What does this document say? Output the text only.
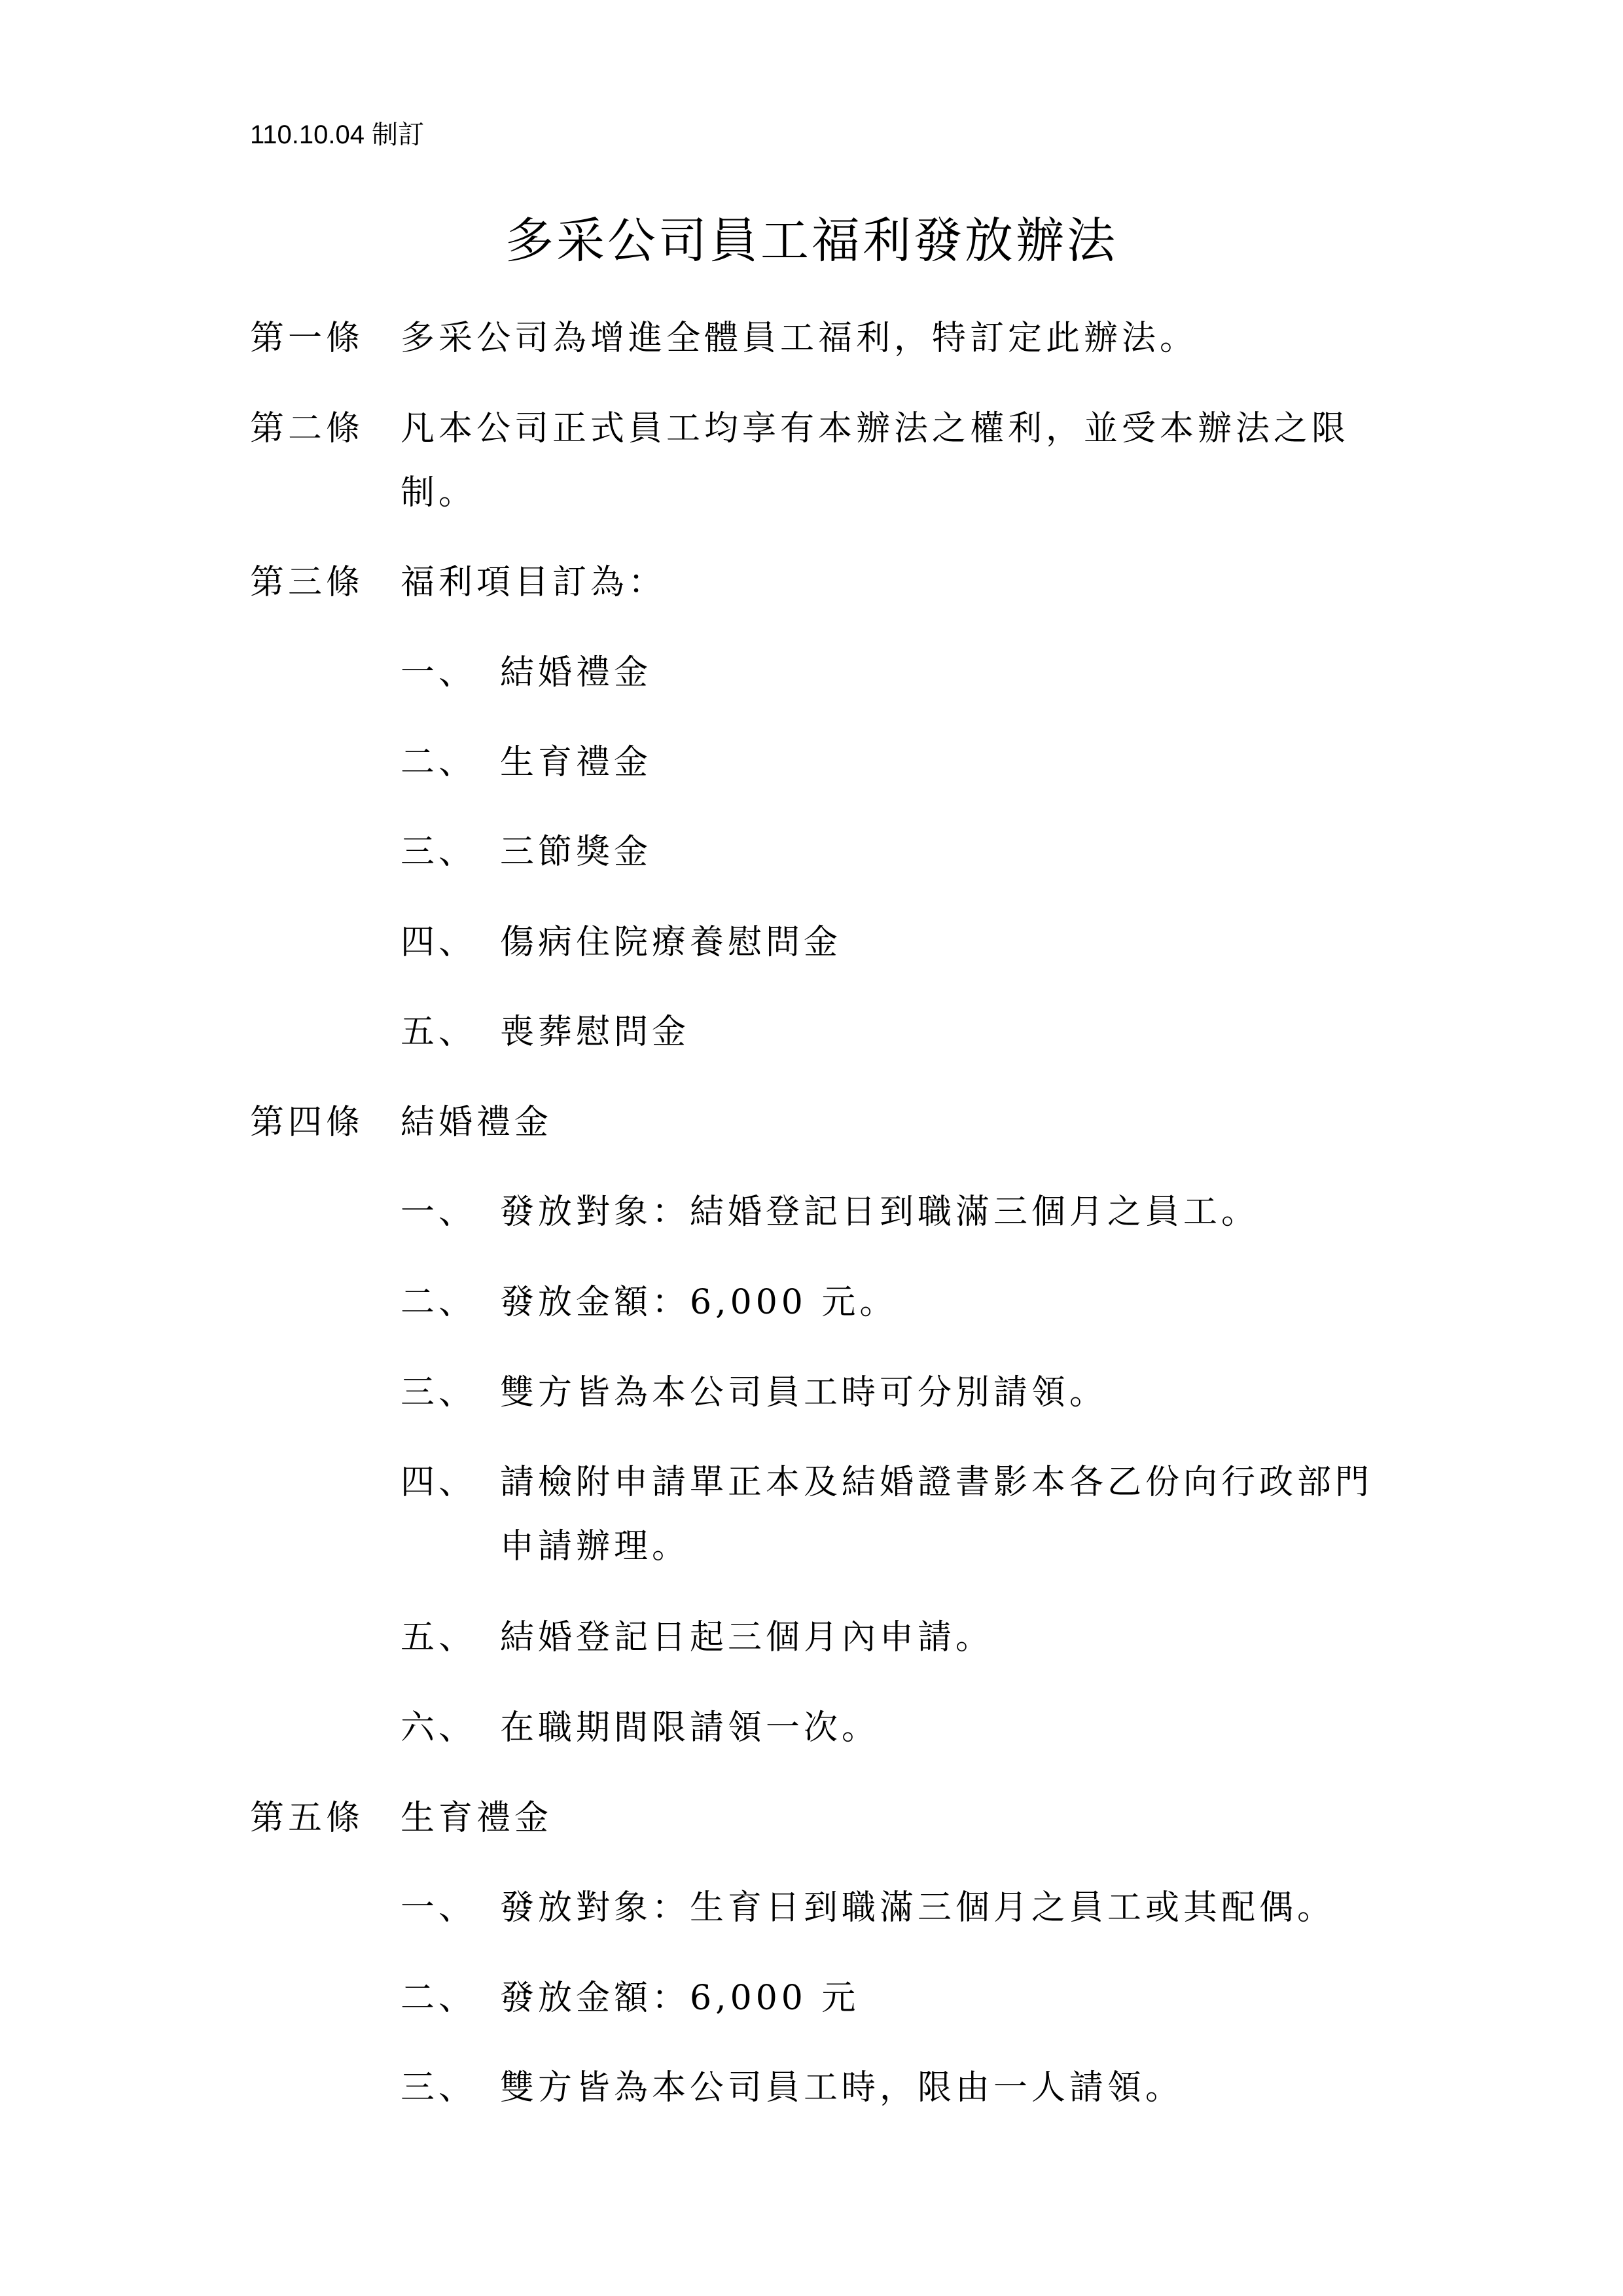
110.10.04 制訂
多采公司員工福利發放辦法
第一條 多采公司為增進全體員工福利，特訂定此辦法。
第二條 凡本公司正式員工均享有本辦法之權利，並受本辦法之限
制。
第三條 福利項目訂為：
一、 結婚禮金
二、 生育禮金
三、 三節獎金
四、 傷病住院療養慰問金
五、 喪葬慰問金
第四條 結婚禮金
一、 發放對象：結婚登記日到職滿三個月之員工。
二、 發放金額：6,000 元。
三、 雙方皆為本公司員工時可分別請領。
四、 請檢附申請單正本及結婚證書影本各乙份向行政部門
申請辦理。
五、 結婚登記日起三個月內申請。
六、 在職期間限請領一次。
第五條 生育禮金
一、 發放對象：生育日到職滿三個月之員工或其配偶。
二、 發放金額：6,000 元
三、 雙方皆為本公司員工時，限由一人請領。
